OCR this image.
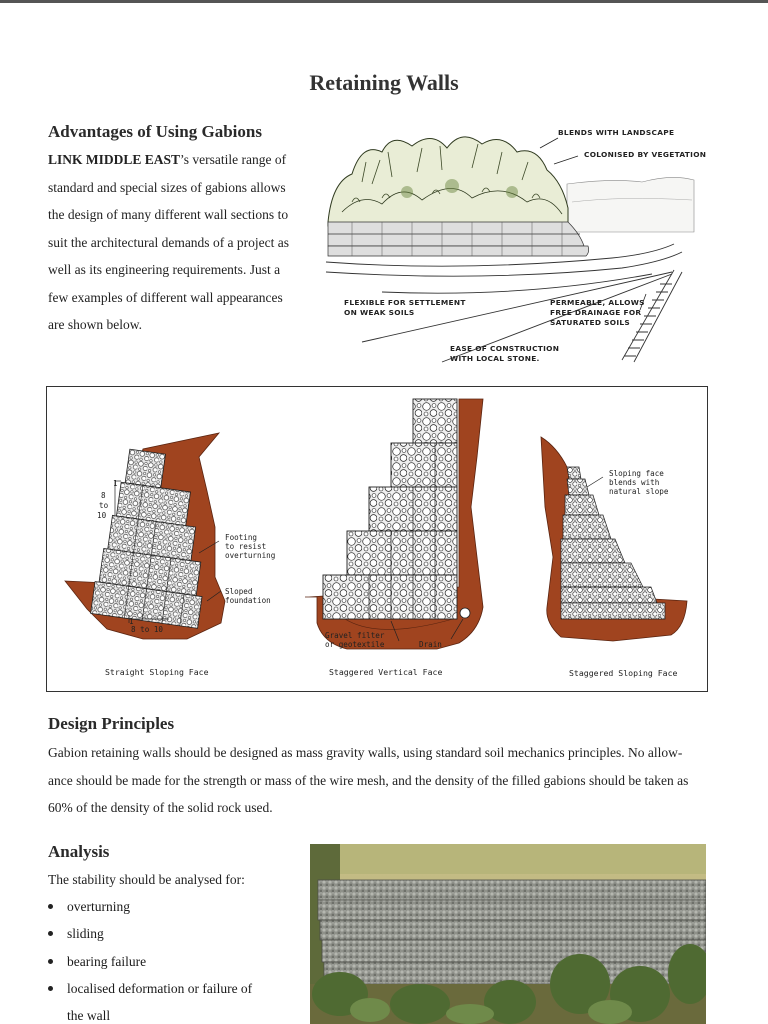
Retaining Walls
Advantages of Using Gabions
LINK MIDDLE EAST’s versatile range of
standard and special sizes of gabions allows
the design of many different wall sections to
suit the architectural demands of a project as
well as its engineering requirements. Just a
few examples of different wall appearances
are shown below.
BLENDS WITH LANDSCAPE
COLONISED BY VEGETATION
FLEXIBLE FOR SETTLEMENT
ON WEAK SOILS
PERMEABLE, ALLOWS
FREE DRAINAGE FOR
SATURATED SOILS
EASE OF CONSTRUCTION
WITH LOCAL STONE.
1
8
to
10
1
8 to 10
Footing
to resist
overturning
Sloped
foundation
Gravel filter
or geotextile	Drain
Sloping face
blends with
natural slope
Straight Sloping Face	Staggered Vertical Face	Staggered Sloping Face
Design Principles
Gabion retaining walls should be designed as mass gravity walls, using standard soil mechanics principles. No allow-
ance should be made for the strength or mass of the wire mesh, and the density of the filled gabions should be taken as
60% of the density of the solid rock used.
Analysis
The stability should be analysed for:
overturning
sliding
bearing failure
localised deformation or failure of
the wall
